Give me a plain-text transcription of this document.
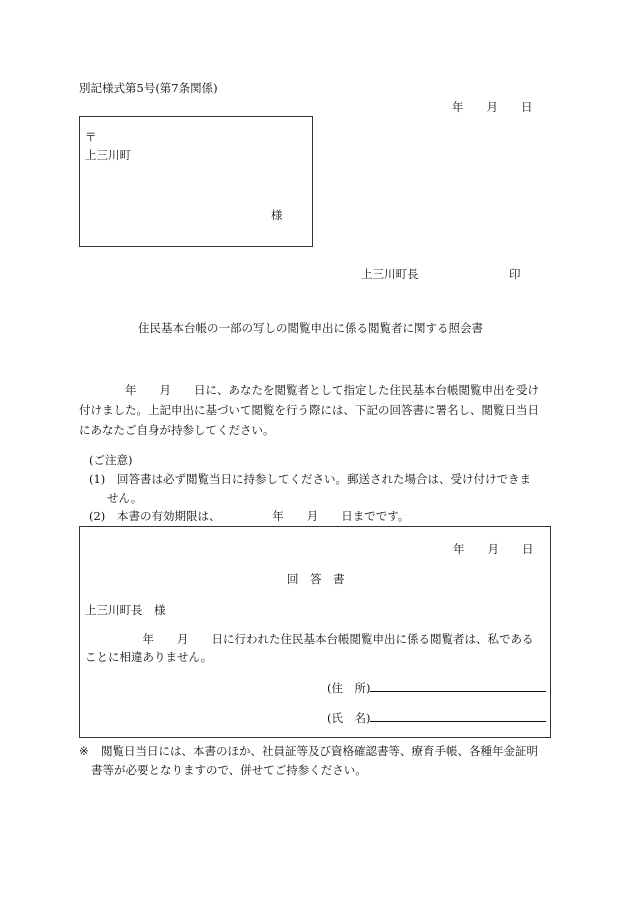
別記様式第5号(第7条関係)
年　　月　　日
〒
上三川町
様
上三川町長	印
住民基本台帳の一部の写しの閲覧申出に係る閲覧者に関する照会書
　　　　年　　月　　日に、あなたを閲覧者として指定した住民基本台帳閲覧申出を受け
付けました。上記申出に基づいて閲覧を行う際には、下記の回答書に署名し、閲覧日当日
にあなたご自身が持参してください。
(ご注意)
(1) 回答書は必ず閲覧当日に持参してください。郵送された場合は、受け付けできま
せん。
(2) 本書の有効期限は、　　　　　年　　月　　日までです。
年　　月　　日
回　答　書
上三川町長　様
　　　　　年　　月　　日に行われた住民基本台帳閲覧申出に係る閲覧者は、私である
ことに相違ありません。
(住　所)
(氏　名)
※ 閲覧日当日には、本書のほか、社員証等及び資格確認書等、療育手帳、各種年金証明
書等が必要となりますので、併せてご持参ください。
